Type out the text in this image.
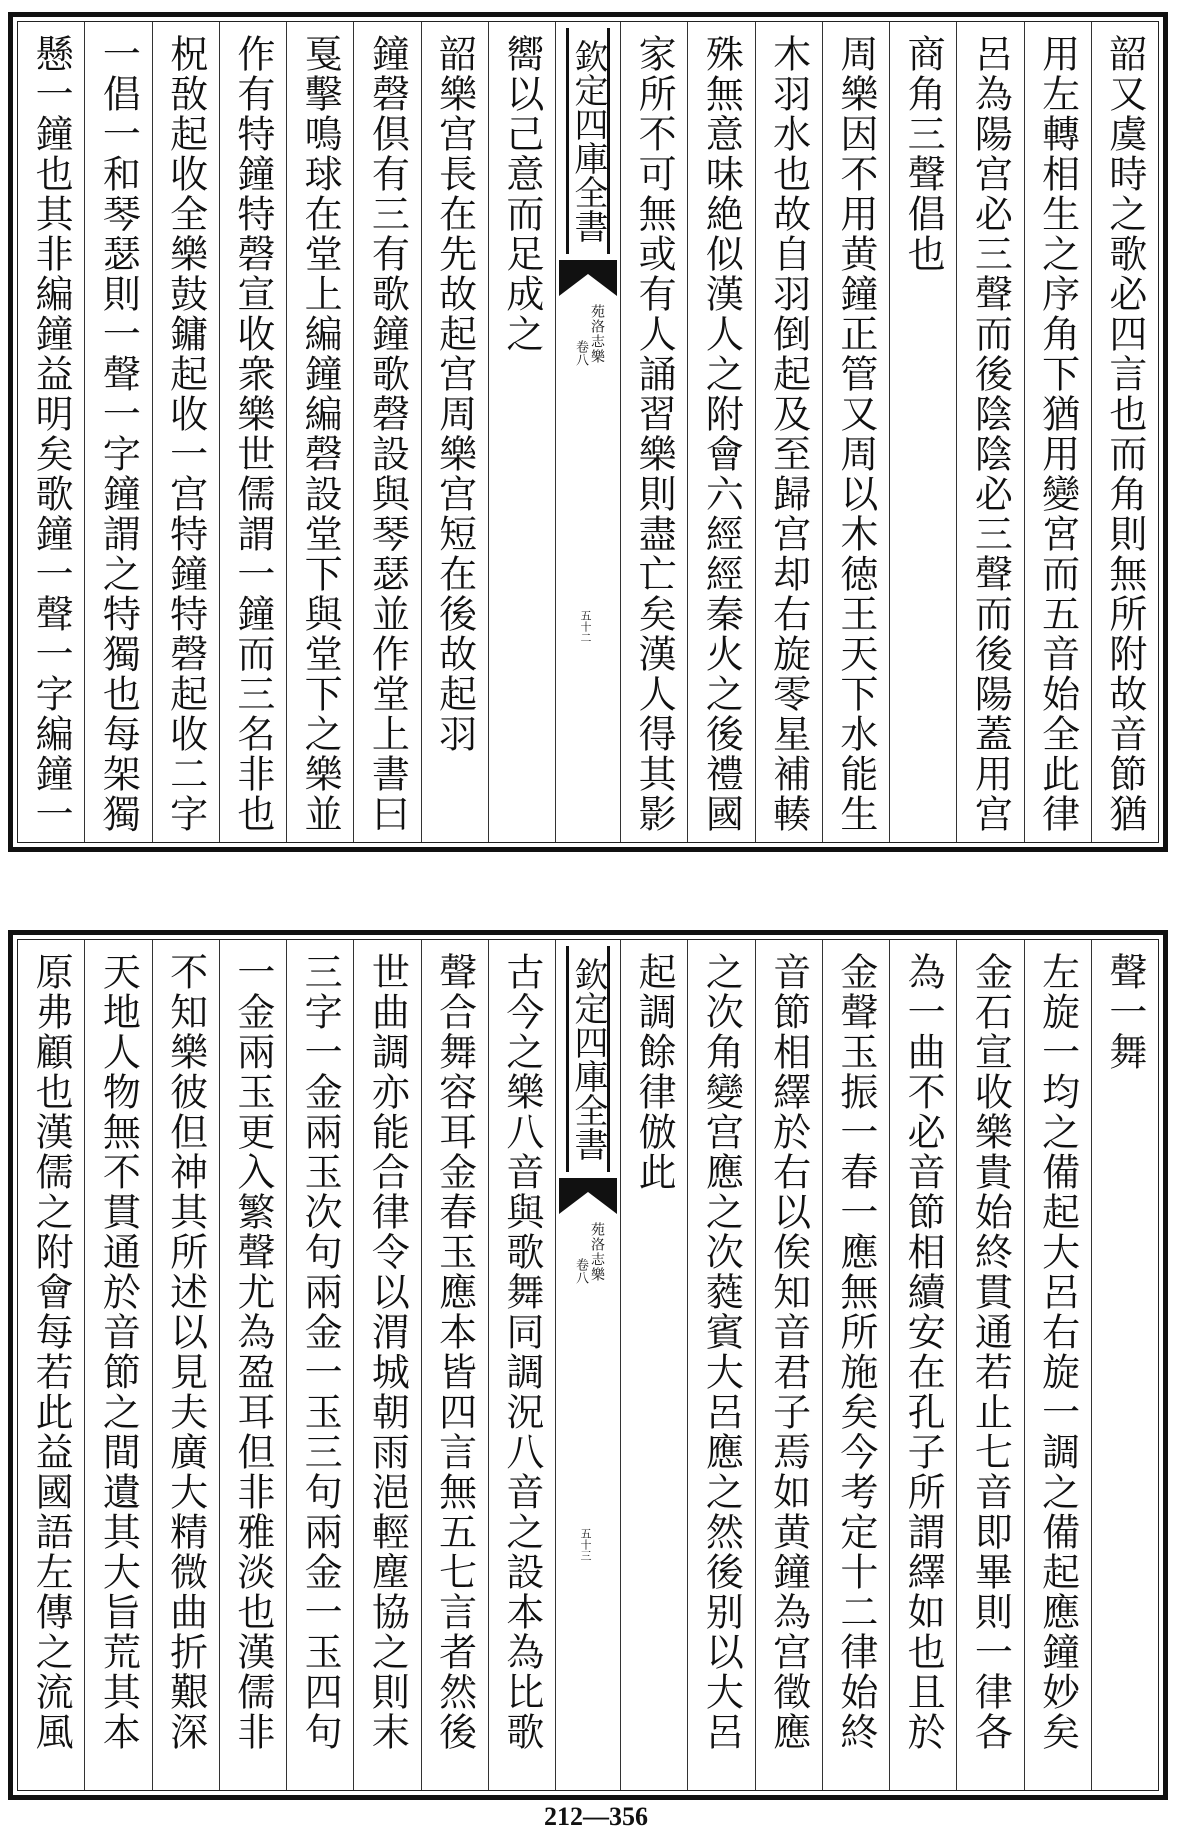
韶又虞時之歌必四言也而角則無所附故音節猶
用左轉相生之序角下猶用變宮而五音始全此律
呂為陽宫必三聲而後陰陰必三聲而後陽蓋用宫
商角三聲倡也
周樂因不用黄鐘正管又周以木徳王天下水能生
木羽水也故自羽倒起及至歸宫却右旋零星補輳
殊無意味絶似漢人之附會六經經秦火之後禮國
家所不可無或有人誦習樂則盡亡矣漢人得其影
欽定四庫全書
苑洛志樂
卷八
五十二
嚮以己意而足成之
韶樂宫長在先故起宫周樂宫短在後故起羽
鐘磬倶有三有歌鐘歌磬設與琴瑟並作堂上書曰
戛擊鳴球在堂上編鐘編磬設堂下與堂下之樂並
作有特鐘特磬宣收衆樂世儒謂一鐘而三名非也
柷敔起收全樂鼓鏞起收一宫特鐘特磬起收二字
一倡一和琴瑟則一聲一字鐘謂之特獨也每架獨
懸一鐘也其非編鐘益明矣歌鐘一聲一字編鐘一
聲一舞
左旋一均之備起大呂右旋一調之備起應鐘妙矣
金石宣收樂貴始終貫通若止七音即畢則一律各
為一曲不必音節相續安在孔子所謂繹如也且於
金聲玉振一春一應無所施矣今考定十二律始終
音節相繹於右以俟知音君子焉如黄鐘為宫徵應
之次角變宫應之次蕤賓大呂應之然後别以大呂
起調餘律倣此
欽定四庫全書
苑洛志樂
卷八
五十三
古今之樂八音與歌舞同調況八音之設本為比歌
聲合舞容耳金春玉應本皆四言無五七言者然後
世曲調亦能合律令以渭城朝雨浥輕塵協之則末
三字一金兩玉次句兩金一玉三句兩金一玉四句
一金兩玉更入繁聲尤為盈耳但非雅淡也漢儒非
不知樂彼但神其所述以見夫廣大精微曲折艱深
天地人物無不貫通於音節之間遺其大旨荒其本
原弗顧也漢儒之附會每若此益國語左傳之流風
212—356
